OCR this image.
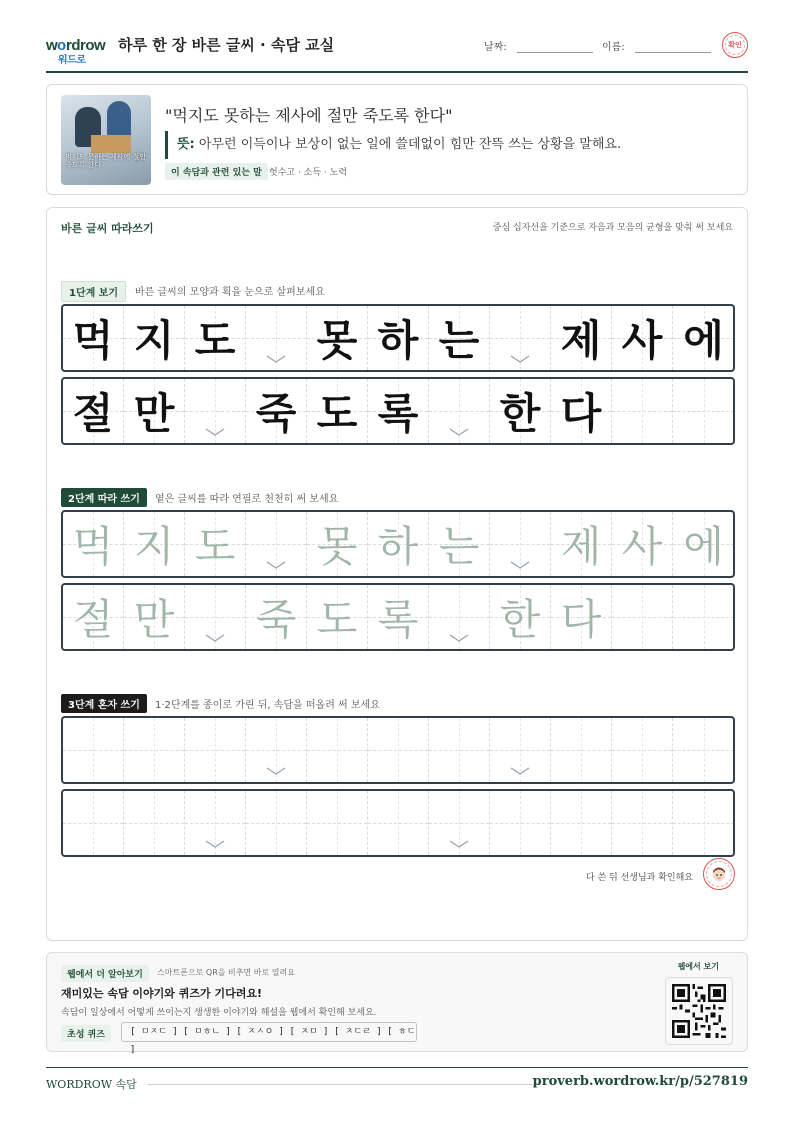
w o rdrow
워드로
하루 한 장 바른 글씨 · 속담 교실	날짜:	이름:	확인
먹지도 못하는 제사에 절만 죽도록 한다
"먹지도 못하는 제사에 절만 죽도록 한다"
뜻: 아무런 이득이나 보상이 없는 일에 쓸데없이 힘만 잔뜩 쓰는 상황을 말해요.
이 속담과 관련 있는 말 헛수고 · 소득 · 노력
바른 글씨 따라쓰기	중심 십자선을 기준으로 자음과 모음의 균형을 맞춰 써 보세요
1단계 보기	바른 글씨의 모양과 획을 눈으로 살펴보세요
먹 지 도 못 하 는 제 사 에
절 만 죽 도 록 한 다
2단계 따라 쓰기	옅은 글씨를 따라 연필로 천천히 써 보세요
먹 지 도 못 하 는 제 사 에
절 만 죽 도 록 한 다
3단계 혼자 쓰기	1·2단계를 종이로 가린 뒤, 속담을 떠올려 써 보세요
다 쓴 뒤 선생님과 확인해요
웹에서 더 알아보기	스마트폰으로 QR을 비추면 바로 열려요
재미있는 속담 이야기와 퀴즈가 기다려요!
속담이 일상에서 어떻게 쓰이는지 생생한 이야기와 해설을 웹에서 확인해 보세요.
초성 퀴즈	[ ㅁㅈㄷ ] [ ㅁㅎㄴ ] [ ㅈㅅㅇ ] [ ㅈㅁ ] [ ㅈㄷㄹ ] [ ㅎㄷ ]
웹에서 보기
WORDROW 속담	proverb.wordrow.kr/p/527819
